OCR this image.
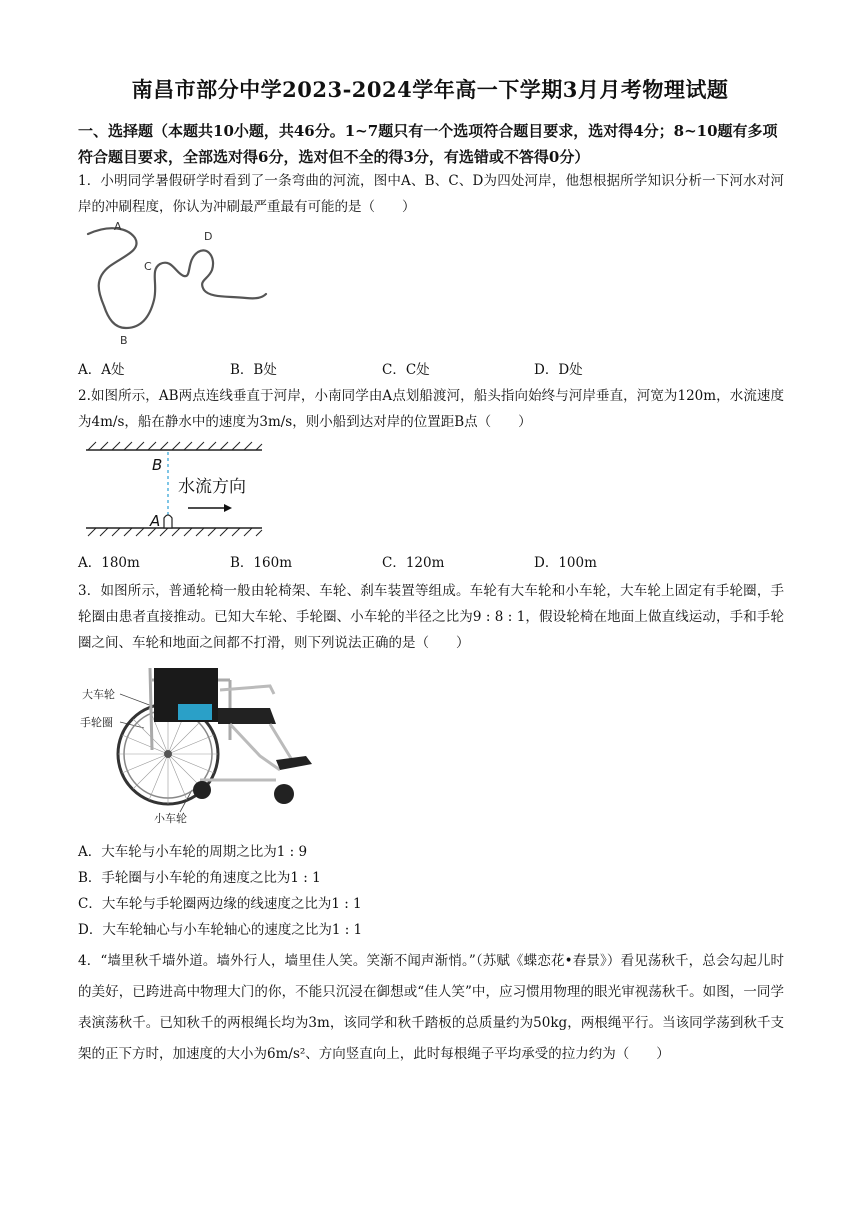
南昌市部分中学2023-2024学年高一下学期3月月考物理试题
一、选择题（本题共10小题，共46分。1~7题只有一个选项符合题目要求，选对得4分；8~10题有多项符合题目要求，全部选对得6分，选对但不全的得3分，有选错或不答得0分）
1．小明同学暑假研学时看到了一条弯曲的河流，图中A、B、C、D为四处河岸，他想根据所学知识分析一下河水对河岸的冲刷程度，你认为冲刷最严重最有可能的是（　　）
A
B
C
D
A．A处	B．B处	C．C处	D．D处
2.如图所示，AB两点连线垂直于河岸，小南同学由A点划船渡河，船头指向始终与河岸垂直，河宽为120m，水流速度为4m/s，船在静水中的速度为3m/s，则小船到达对岸的位置距B点（　　）
B
A
水流方向
A．180m	B．160m	C．120m	D．100m
3．如图所示，普通轮椅一般由轮椅架、车轮、刹车装置等组成。车轮有大车轮和小车轮，大车轮上固定有手轮圈，手轮圈由患者直接推动。已知大车轮、手轮圈、小车轮的半径之比为9 : 8 : 1，假设轮椅在地面上做直线运动，手和手轮圈之间、车轮和地面之间都不打滑，则下列说法正确的是（　　）
大车轮
手轮圈
小车轮
A．大车轮与小车轮的周期之比为1 : 9
B．手轮圈与小车轮的角速度之比为1 : 1
C．大车轮与手轮圈两边缘的线速度之比为1 : 1
D．大车轮轴心与小车轮轴心的速度之比为1 : 1
4．“墙里秋千墙外道。墙外行人，墙里佳人笑。笑渐不闻声渐悄。”（苏赋《蝶恋花•春景》）看见荡秋千，总会勾起儿时的美好，已跨进高中物理大门的你，不能只沉浸在御想或“佳人笑”中，应习惯用物理的眼光审视荡秋千。如图，一同学表演荡秋千。已知秋千的两根绳长均为3m，该同学和秋千踏板的总质量约为50kg，两根绳平行。当该同学荡到秋千支架的正下方时，加速度的大小为6m/s²、方向竖直向上，此时每根绳子平均承受的拉力约为（　　）
